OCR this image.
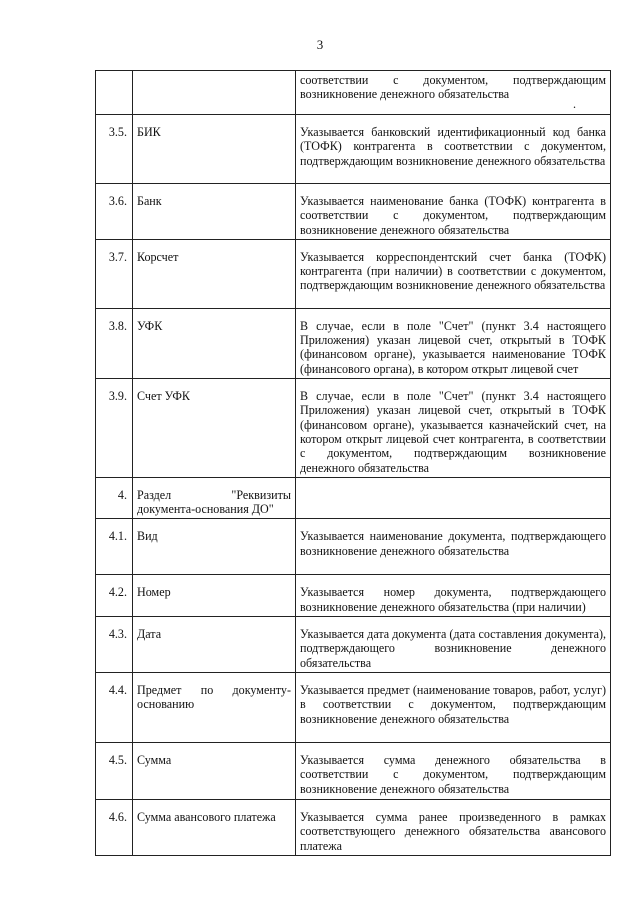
3
		соответствии с документом, подтверждающим возникновение денежного обязательства
.

3.5.	БИК	Указывается банковский идентификационный код банка (ТОФК) контрагента в соответствии с документом, подтверждающим возникновение денежного обязательства
3.6.	Банк	Указывается наименование банка (ТОФК) контрагента в соответствии с документом, подтверждающим возникновение денежного обязательства
3.7.	Корсчет	Указывается корреспондентский счет банка (ТОФК) контрагента (при наличии) в соответствии с документом, подтверждающим возникновение денежного обязательства
3.8.	УФК	В случае, если в поле "Счет" (пункт 3.4 настоящего Приложения) указан лицевой счет, открытый в ТОФК (финансовом органе), указывается наименование ТОФК (финансового органа), в котором открыт лицевой счет
3.9.	Счет УФК	В случае, если в поле "Счет" (пункт 3.4 настоящего Приложения) указан лицевой счет, открытый в ТОФК (финансовом органе), указывается казначейский счет, на котором открыт лицевой счет контрагента, в соответствии с документом, подтверждающим возникновение денежного обязательства
4.	Раздел "Реквизиты документа-основания ДО"	
4.1.	Вид	Указывается наименование документа, подтверждающего возникновение денежного обязательства
4.2.	Номер	Указывается номер документа, подтверждающего возникновение денежного обязательства (при наличии)
4.3.	Дата	Указывается дата документа (дата составления документа), подтверждающего возникновение денежного обязательства
4.4.	Предмет по документу-основанию	Указывается предмет (наименование товаров, работ, услуг) в соответствии с документом, подтверждающим возникновение денежного обязательства
4.5.	Сумма	Указывается сумма денежного обязательства в соответствии с документом, подтверждающим возникновение денежного обязательства
4.6.	Сумма авансового платежа	Указывается сумма ранее произведенного в рамках соответствующего денежного обязательства авансового платежа
